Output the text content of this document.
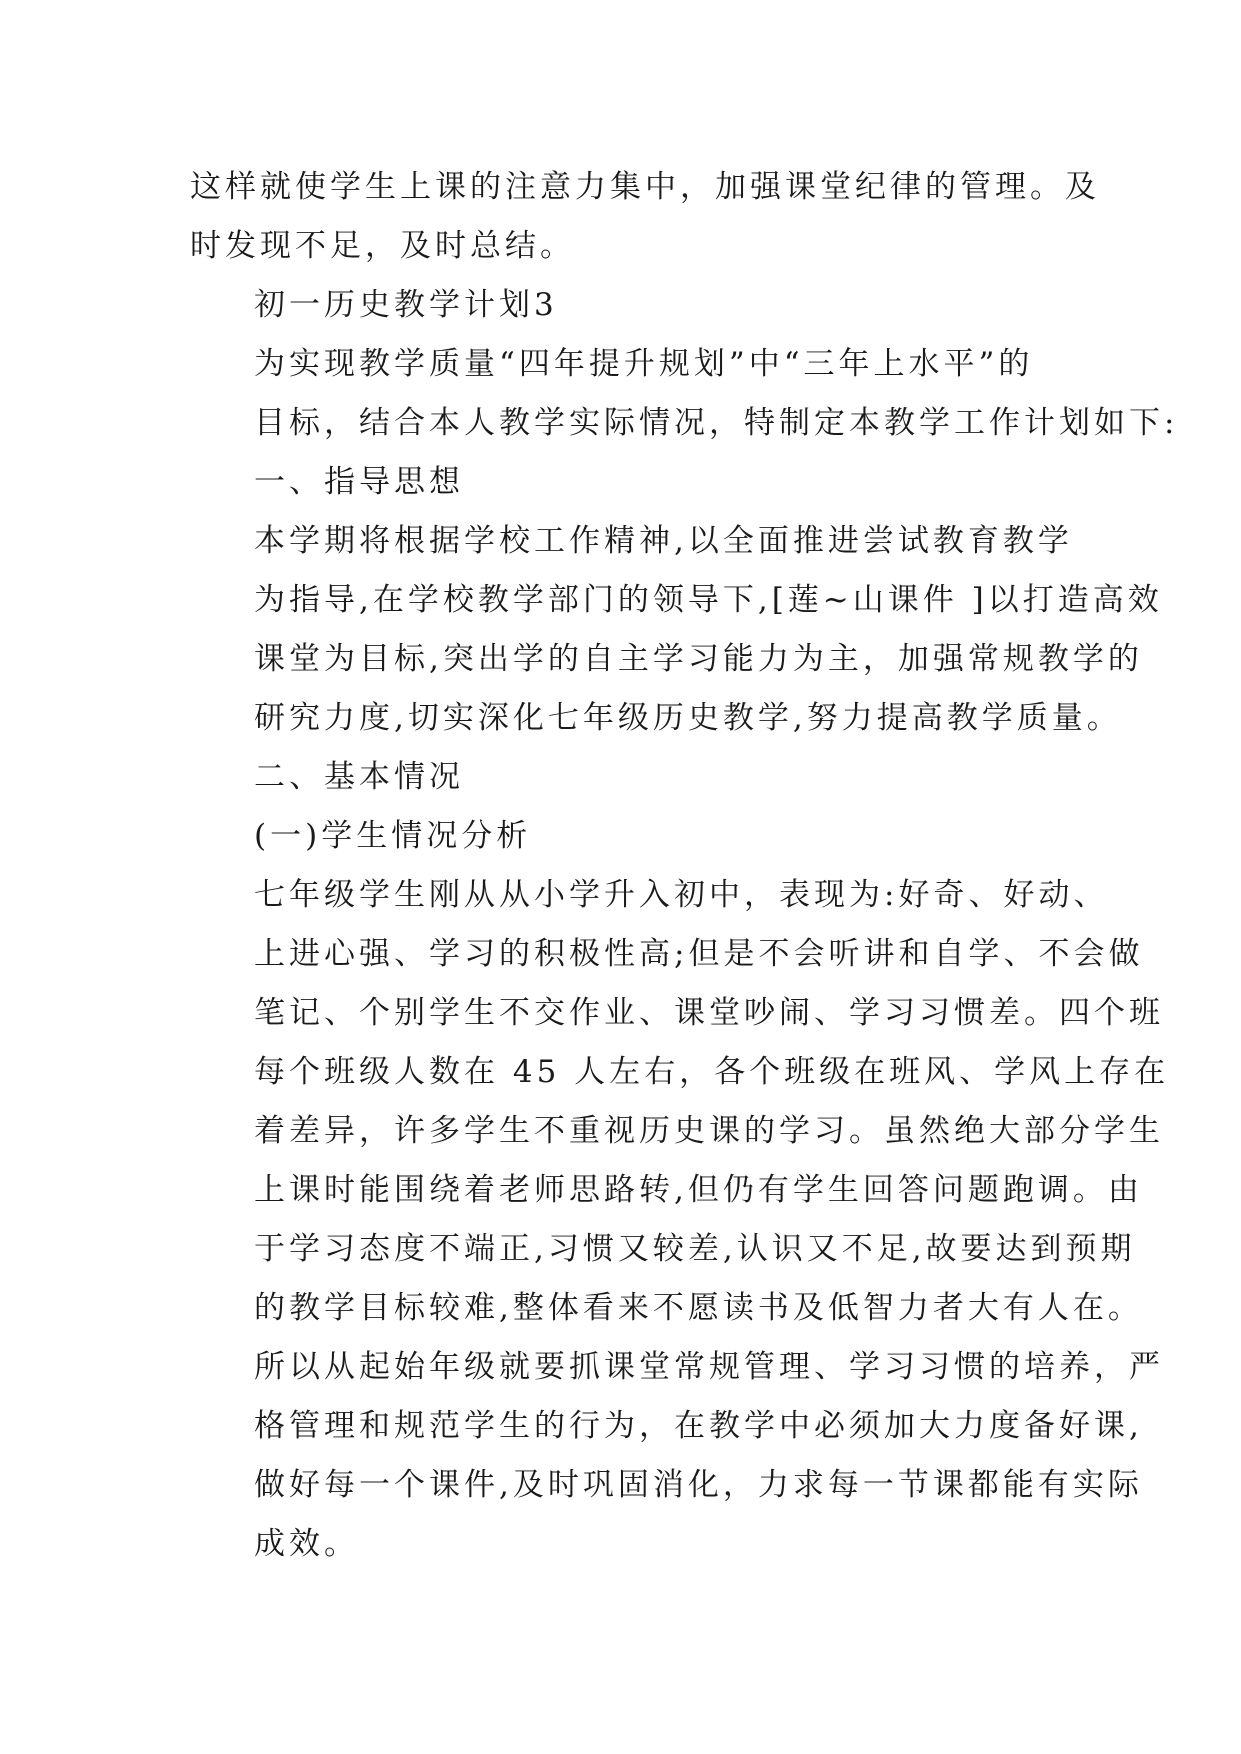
这样就使学生上课的注意力集中，加强课堂纪律的管理。及
时发现不足，及时总结。

初一历史教学计划3

为实现教学质量“四年提升规划”中“三年上水平”的
目标，结合本人教学实际情况，特制定本教学工作计划如下:

一、指导思想

本学期将根据学校工作精神,以全面推进尝试教育教学
为指导,在学校教学部门的领导下,[莲~山课件 ]以打造高效
课堂为目标,突出学的自主学习能力为主，加强常规教学的
研究力度,切实深化七年级历史教学,努力提高教学质量。

二、基本情况

(一)学生情况分析

七年级学生刚从从小学升入初中，表现为:好奇、好动、
上进心强、学习的积极性高;但是不会听讲和自学、不会做
笔记、个别学生不交作业、课堂吵闹、学习习惯差。四个班
每个班级人数在 45 人左右，各个班级在班风、学风上存在
着差异，许多学生不重视历史课的学习。虽然绝大部分学生
上课时能围绕着老师思路转,但仍有学生回答问题跑调。由
于学习态度不端正,习惯又较差,认识又不足,故要达到预期
的教学目标较难,整体看来不愿读书及低智力者大有人在。
所以从起始年级就要抓课堂常规管理、学习习惯的培养，严
格管理和规范学生的行为，在教学中必须加大力度备好课,
做好每一个课件,及时巩固消化，力求每一节课都能有实际
成效。
